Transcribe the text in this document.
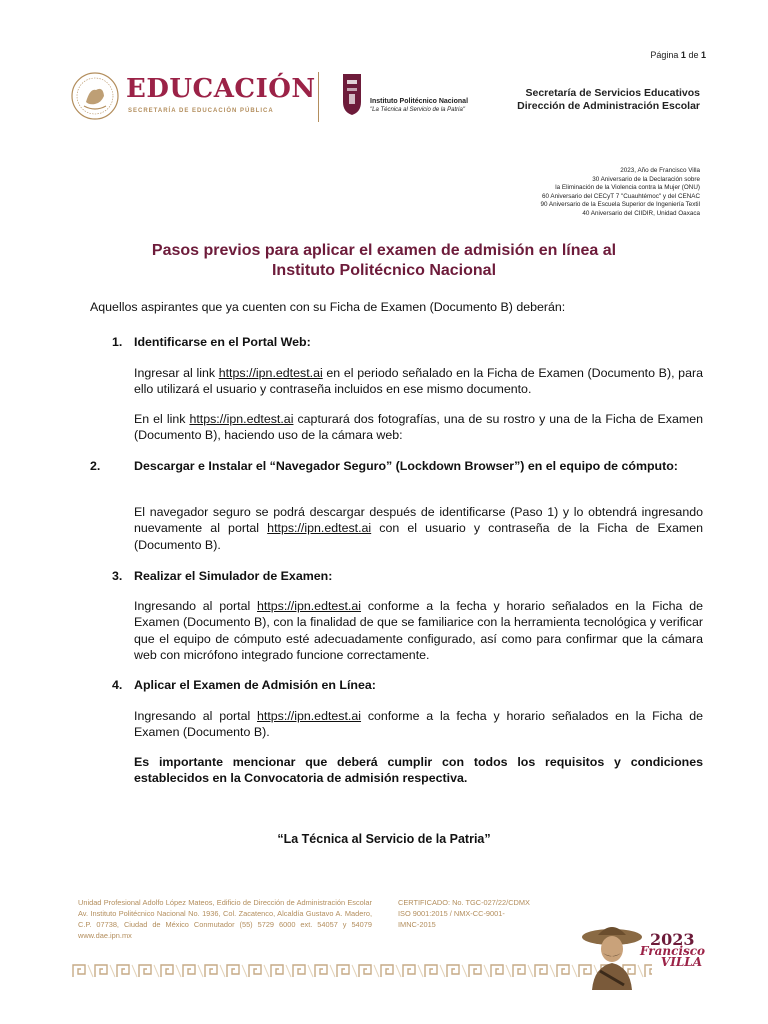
Página 1 de 1
EDUCACIÓN
SECRETARÍA DE EDUCACIÓN PÚBLICA
Instituto Politécnico Nacional
"La Técnica al Servicio de la Patria"
Secretaría de Servicios Educativos
Dirección de Administración Escolar
2023, Año de Francisco Villa
30 Aniversario de la Declaración sobre
la Eliminación de la Violencia contra la Mujer (ONU)
60 Aniversario del CECyT 7 "Cuauhtémoc" y del CENAC
90 Aniversario de la Escuela Superior de Ingeniería Textil
40 Aniversario del CIIDIR, Unidad Oaxaca
Pasos previos para aplicar el examen de admisión en línea al
Instituto Politécnico Nacional
Aquellos aspirantes que ya cuenten con su Ficha de Examen (Documento B) deberán:
1. Identificarse en el Portal Web:
Ingresar al link https://ipn.edtest.ai en el periodo señalado en la Ficha de Examen (Documento B), para ello utilizará el usuario y contraseña incluidos en ese mismo documento.
En el link https://ipn.edtest.ai capturará dos fotografías, una de su rostro y una de la Ficha de Examen (Documento B), haciendo uso de la cámara web:
2.	Descargar e Instalar el “Navegador Seguro” (Lockdown Browser”) en el equipo de cómputo:
El navegador seguro se podrá descargar después de identificarse (Paso 1) y lo obtendrá ingresando nuevamente al portal https://ipn.edtest.ai con el usuario y contraseña de la Ficha de Examen (Documento B).
3. Realizar el Simulador de Examen:
Ingresando al portal https://ipn.edtest.ai conforme a la fecha y horario señalados en la Ficha de Examen (Documento B), con la finalidad de que se familiarice con la herramienta tecnológica y verificar que el equipo de cómputo esté adecuadamente configurado, así como para confirmar que la cámara web con micrófono integrado funcione correctamente.
4. Aplicar el Examen de Admisión en Línea:
Ingresando al portal https://ipn.edtest.ai conforme a la fecha y horario señalados en la Ficha de Examen (Documento B).
Es importante mencionar que deberá cumplir con todos los requisitos y condiciones establecidos en la Convocatoria de admisión respectiva.
“La Técnica al Servicio de la Patria”
Unidad Profesional Adolfo López Mateos, Edificio de Dirección de Administración Escolar Av. Instituto Politécnico Nacional No. 1936, Col. Zacatenco, Alcaldía Gustavo A. Madero, C.P. 07738, Ciudad de México Conmutador (55) 5729 6000 ext. 54057 y 54079 www.dae.ipn.mx
CERTIFICADO: No. TGC-027/22/CDMX
ISO 9001:2015 / NMX-CC-9001-
IMNC-2015
2023
Francisco
VILLA
